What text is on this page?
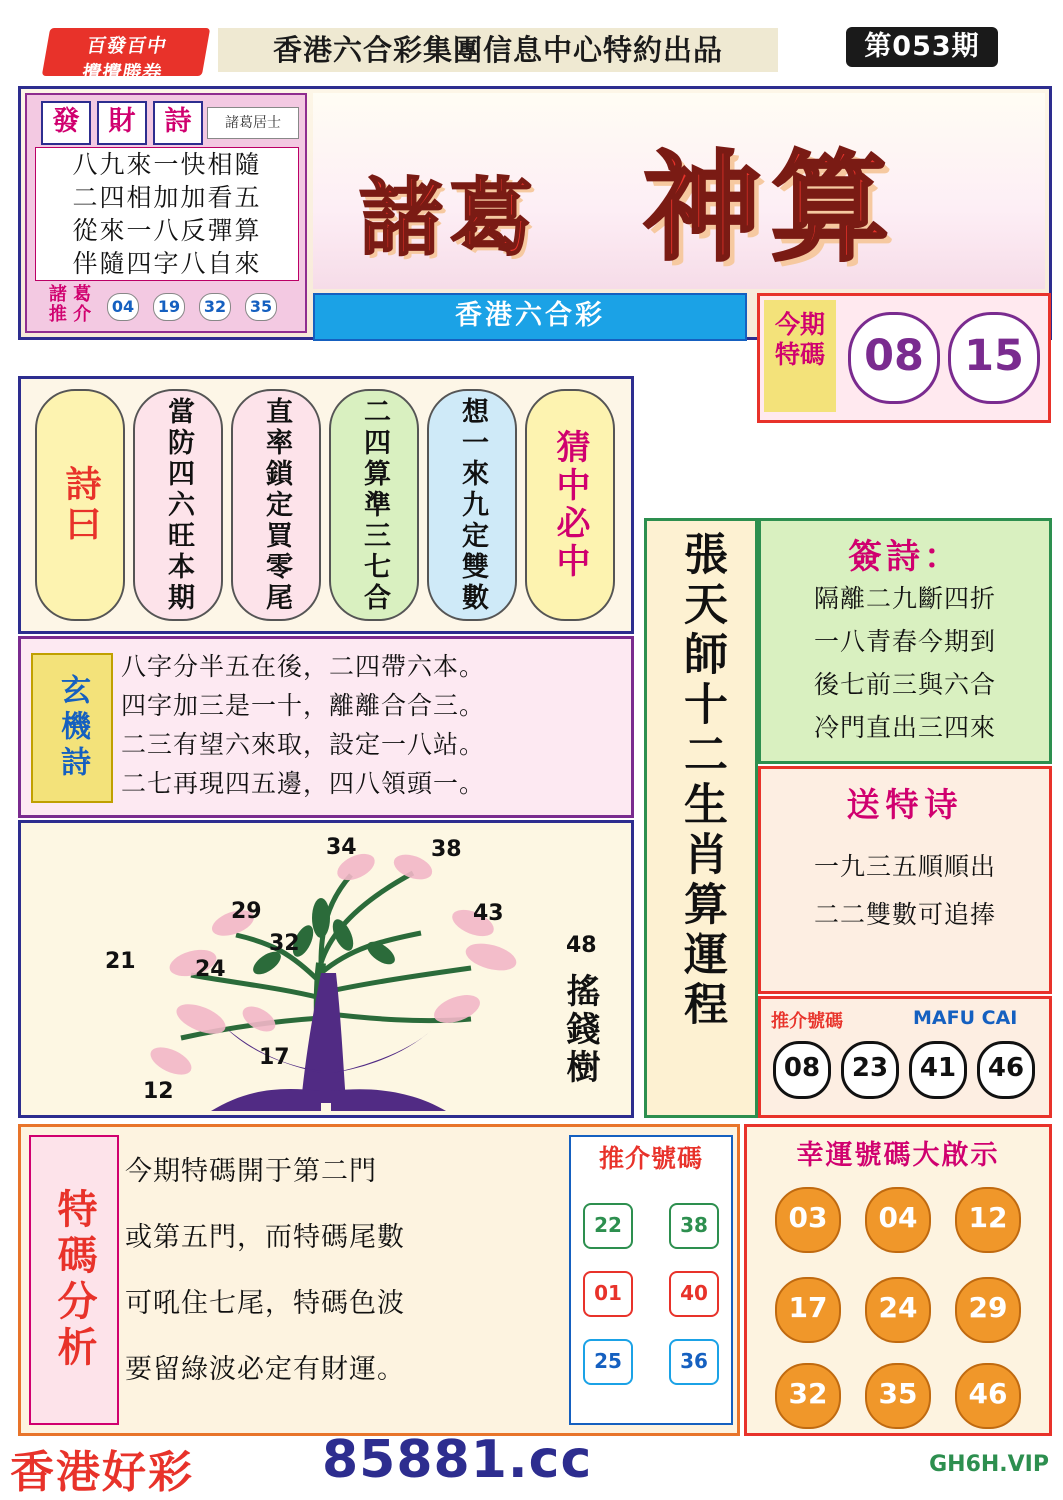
百發百中
攪攪勝券
香港六合彩集團信息中心特約出品	第053期
發	財	詩	諸葛居士
八九來一快相隨
二四相加加看五
從來一八反彈算
伴隨四字八自來
諸 葛
推 介	04	19	32	35
諸葛 神算
香港六合彩	今期特碼 08 15
詩曰 當防四六旺本期 直率鎖定買零尾 二四算準三七合 想一來九定雙數 猜中必中
玄機詩
八字分半五在後，二四帶六本。
四字加三是一十，離離合合三。
二三有望六來取，設定一八站。
二七再現四五邊，四八領頭一。
34	38
29	43
32	48
21	24
17
12
搖錢樹 張天師十二生肖算運程	簽詩：
隔離二九斷四折
一八青春今期到
後七前三與六合
冷門直出三四來
送特诗
一九三五順順出
二二雙數可追捧
推介號碼	MAFU CAI
08	23	41	46
特碼分析
今期特碼開于第二門
或第五門，而特碼尾數
可吼住七尾，特碼色波
要留綠波必定有財運。
推介號碼
22	38
01	40
25	36
幸運號碼大啟示
03	04	12
17	24	29
32	35	46
香港好彩 85881.cc	GH6H.VIP
